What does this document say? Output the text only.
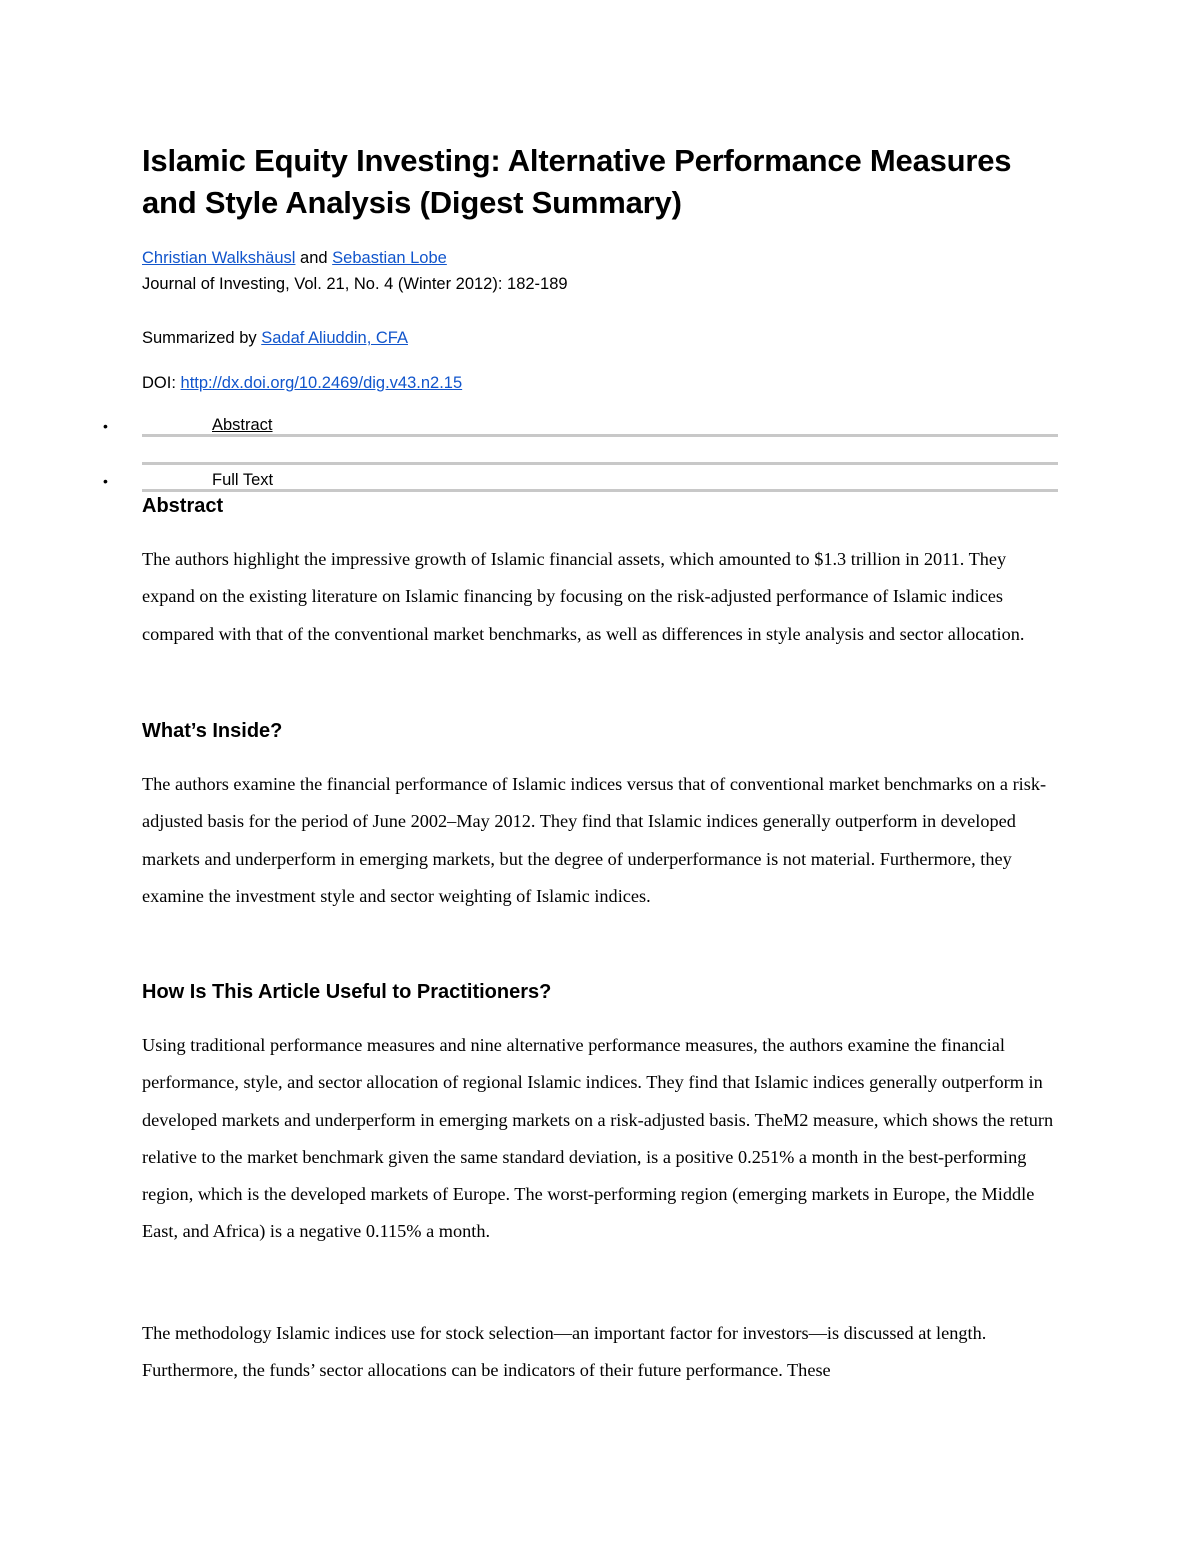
Islamic Equity Investing: Alternative Performance Measures and Style Analysis (Digest Summary)

Christian Walkshäusl and Sebastian Lobe

Journal of Investing, Vol. 21, No. 4 (Winter 2012): 182-189

Summarized by Sadaf Aliuddin, CFA

DOI: http://dx.doi.org/10.2469/dig.v43.n2.15

•	Abstract
•	Full Text
Abstract

The authors highlight the impressive growth of Islamic financial assets, which amounted to $1.3 trillion in 2011. They expand on the existing literature on Islamic financing by focusing on the risk-adjusted performance of Islamic indices compared with that of the conventional market benchmarks, as well as differences in style analysis and sector allocation.

What’s Inside?

The authors examine the financial performance of Islamic indices versus that of conventional market benchmarks on a risk-adjusted basis for the period of June 2002–May 2012. They find that Islamic indices generally outperform in developed markets and underperform in emerging markets, but the degree of underperformance is not material. Furthermore, they examine the investment style and sector weighting of Islamic indices.

How Is This Article Useful to Practitioners?

Using traditional performance measures and nine alternative performance measures, the authors examine the financial performance, style, and sector allocation of regional Islamic indices. They find that Islamic indices generally outperform in developed markets and underperform in emerging markets on a risk-adjusted basis. TheM2 measure, which shows the return relative to the market benchmark given the same standard deviation, is a positive 0.251% a month in the best-performing region, which is the developed markets of Europe. The worst-performing region (emerging markets in Europe, the Middle East, and Africa) is a negative 0.115% a month.

The methodology Islamic indices use for stock selection—an important factor for investors—is discussed at length. Furthermore, the funds’ sector allocations can be indicators of their future performance. These
